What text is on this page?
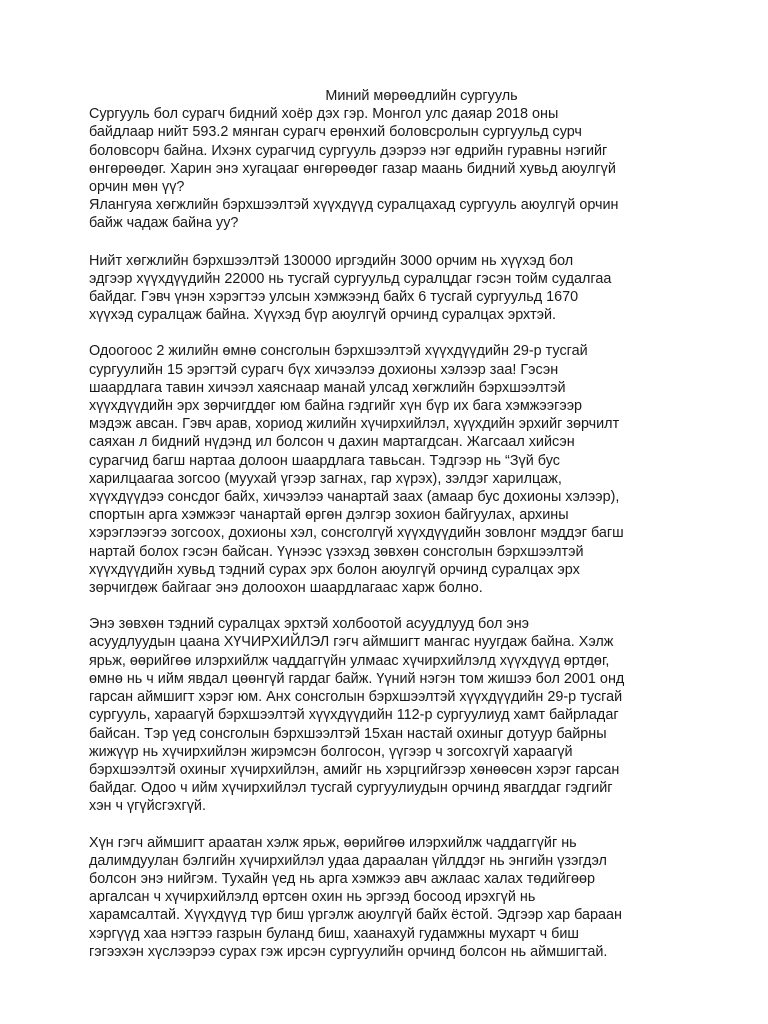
Миний мөрөөдлийн сургууль
Сургууль бол сурагч бидний хоёр дэх гэр. Монгол улс даяар 2018 оны
байдлаар нийт 593.2 мянган сурагч ерөнхий боловсролын сургуульд сурч
боловсорч байна. Ихэнх сурагчид сургууль дээрээ нэг өдрийн гуравны нэгийг
өнгөрөөдөг. Харин энэ хугацааг өнгөрөөдөг газар маань бидний хувьд аюулгүй
орчин мөн үү?
Ялангуяа хөгжлийн бэрхшээлтэй хүүхдүүд суралцахад сургууль аюулгүй орчин
байж чадаж байна уу?
Нийт хөгжлийн бэрхшээлтэй 130000 иргэдийн 3000 орчим нь хүүхэд бол
эдгээр хүүхдүүдийн 22000 нь тусгай сургуульд суралцдаг гэсэн тойм судалгаа
байдаг. Гэвч үнэн хэрэгтээ улсын хэмжээнд байх 6 тусгай сургуульд 1670
хүүхэд суралцаж байна. Хүүхэд бүр аюулгүй орчинд суралцах эрхтэй.
Одоогоос 2 жилийн өмнө сонсголын бэрхшээлтэй хүүхдүүдийн 29-р тусгай
сургуулийн 15 эрэгтэй сурагч бүх хичээлээ дохионы хэлээр заа! Гэсэн
шаардлага тавин хичээл хаяснаар манай улсад хөгжлийн бэрхшээлтэй
хүүхдүүдийн эрх зөрчигддөг юм байна гэдгийг хүн бүр их бага хэмжээгээр
мэдэж авсан. Гэвч арав, хориод жилийн хүчирхийлэл, хүүхдийн эрхийг зөрчилт
саяхан л бидний нүдэнд ил болсон ч дахин мартагдсан. Жагсаал хийсэн
сурагчид багш нартаа долоон шаардлага тавьсан. Тэдгээр нь “Зүй бус
харилцаагаа зогсоо (муухай үгээр загнах, гар хүрэх), зэлдэг харилцаж,
хүүхдүүдээ сонсдог байх, хичээлээ чанартай заах (амаар бус дохионы хэлээр),
спортын арга хэмжээг чанартай өргөн дэлгэр зохион байгуулах, архины
хэрэглээгээ зогсоох, дохионы хэл, сонсголгүй хүүхдүүдийн зовлонг мэддэг багш
нартай болох гэсэн байсан. Үүнээс үзэхэд зөвхөн сонсголын бэрхшээлтэй
хүүхдүүдийн хувьд тэдний сурах эрх болон аюулгүй орчинд суралцах эрх
зөрчигдөж байгааг энэ долоохон шаардлагаас харж болно.
Энэ зөвхөн тэдний суралцах эрхтэй холбоотой асуудлууд бол энэ
асуудлуудын цаана ХҮЧИРХИЙЛЭЛ гэгч аймшигт мангас нуугдаж байна. Хэлж
ярьж, өөрийгөө илэрхийлж чаддаггүйн улмаас хүчирхийлэлд хүүхдүүд өртдөг,
өмнө нь ч ийм явдал цөөнгүй гардаг байж. Үүний нэгэн том жишээ бол 2001 онд
гарсан аймшигт хэрэг юм. Анх сонсголын бэрхшээлтэй хүүхдүүдийн 29-р тусгай
сургууль, хараагүй бэрхшээлтэй хүүхдүүдийн 112-р сургуулиуд хамт байрладаг
байсан. Тэр үед сонсголын бэрхшээлтэй 15хан настай охиныг дотуур байрны
жижүүр нь хүчирхийлэн жирэмсэн болгосон, үүгээр ч зогсохгүй хараагүй
бэрхшээлтэй охиныг хүчирхийлэн, амийг нь хэрцгийгээр хөнөөсөн хэрэг гарсан
байдаг. Одоо ч ийм хүчирхийлэл тусгай сургуулиудын орчинд явагддаг гэдгийг
хэн ч үгүйсгэхгүй.
Хүн гэгч аймшигт араатан хэлж ярьж, өөрийгөө илэрхийлж чаддаггүйг нь
далимдуулан бэлгийн хүчирхийлэл удаа дараалан үйлддэг нь энгийн үзэгдэл
болсон энэ нийгэм. Тухайн үед нь арга хэмжээ авч ажлаас халах төдийгөөр
аргалсан ч хүчирхийлэлд өртсөн охин нь эргээд босоод ирэхгүй нь
харамсалтай. Хүүхдүүд түр биш үргэлж аюулгүй байх ёстой. Эдгээр хар бараан
хэргүүд хаа нэгтээ газрын буланд биш, хаанахуй гудамжны мухарт ч биш
гэгээхэн хүслээрээ сурах гэж ирсэн сургуулийн орчинд болсон нь аймшигтай.
